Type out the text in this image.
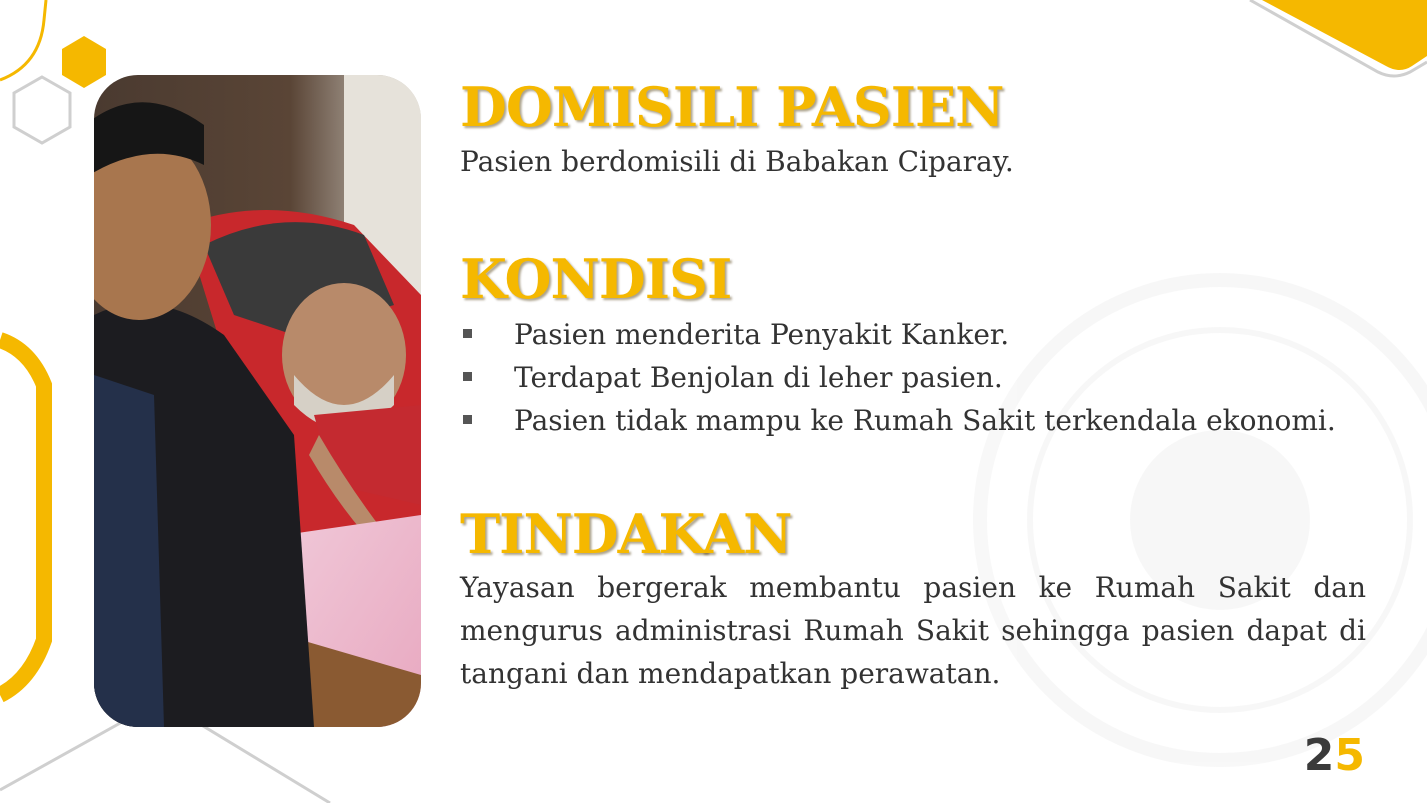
DOMISILI PASIEN

Pasien berdomisili di Babakan Ciparay.

KONDISI
Pasien menderita Penyakit Kanker.
Terdapat Benjolan di leher pasien.
Pasien tidak mampu ke Rumah Sakit terkendala ekonomi.
TINDAKAN

Yayasan bergerak membantu pasien ke Rumah Sakit dan mengurus administrasi Rumah Sakit sehingga pasien dapat di tangani dan mendapatkan perawatan.

25
